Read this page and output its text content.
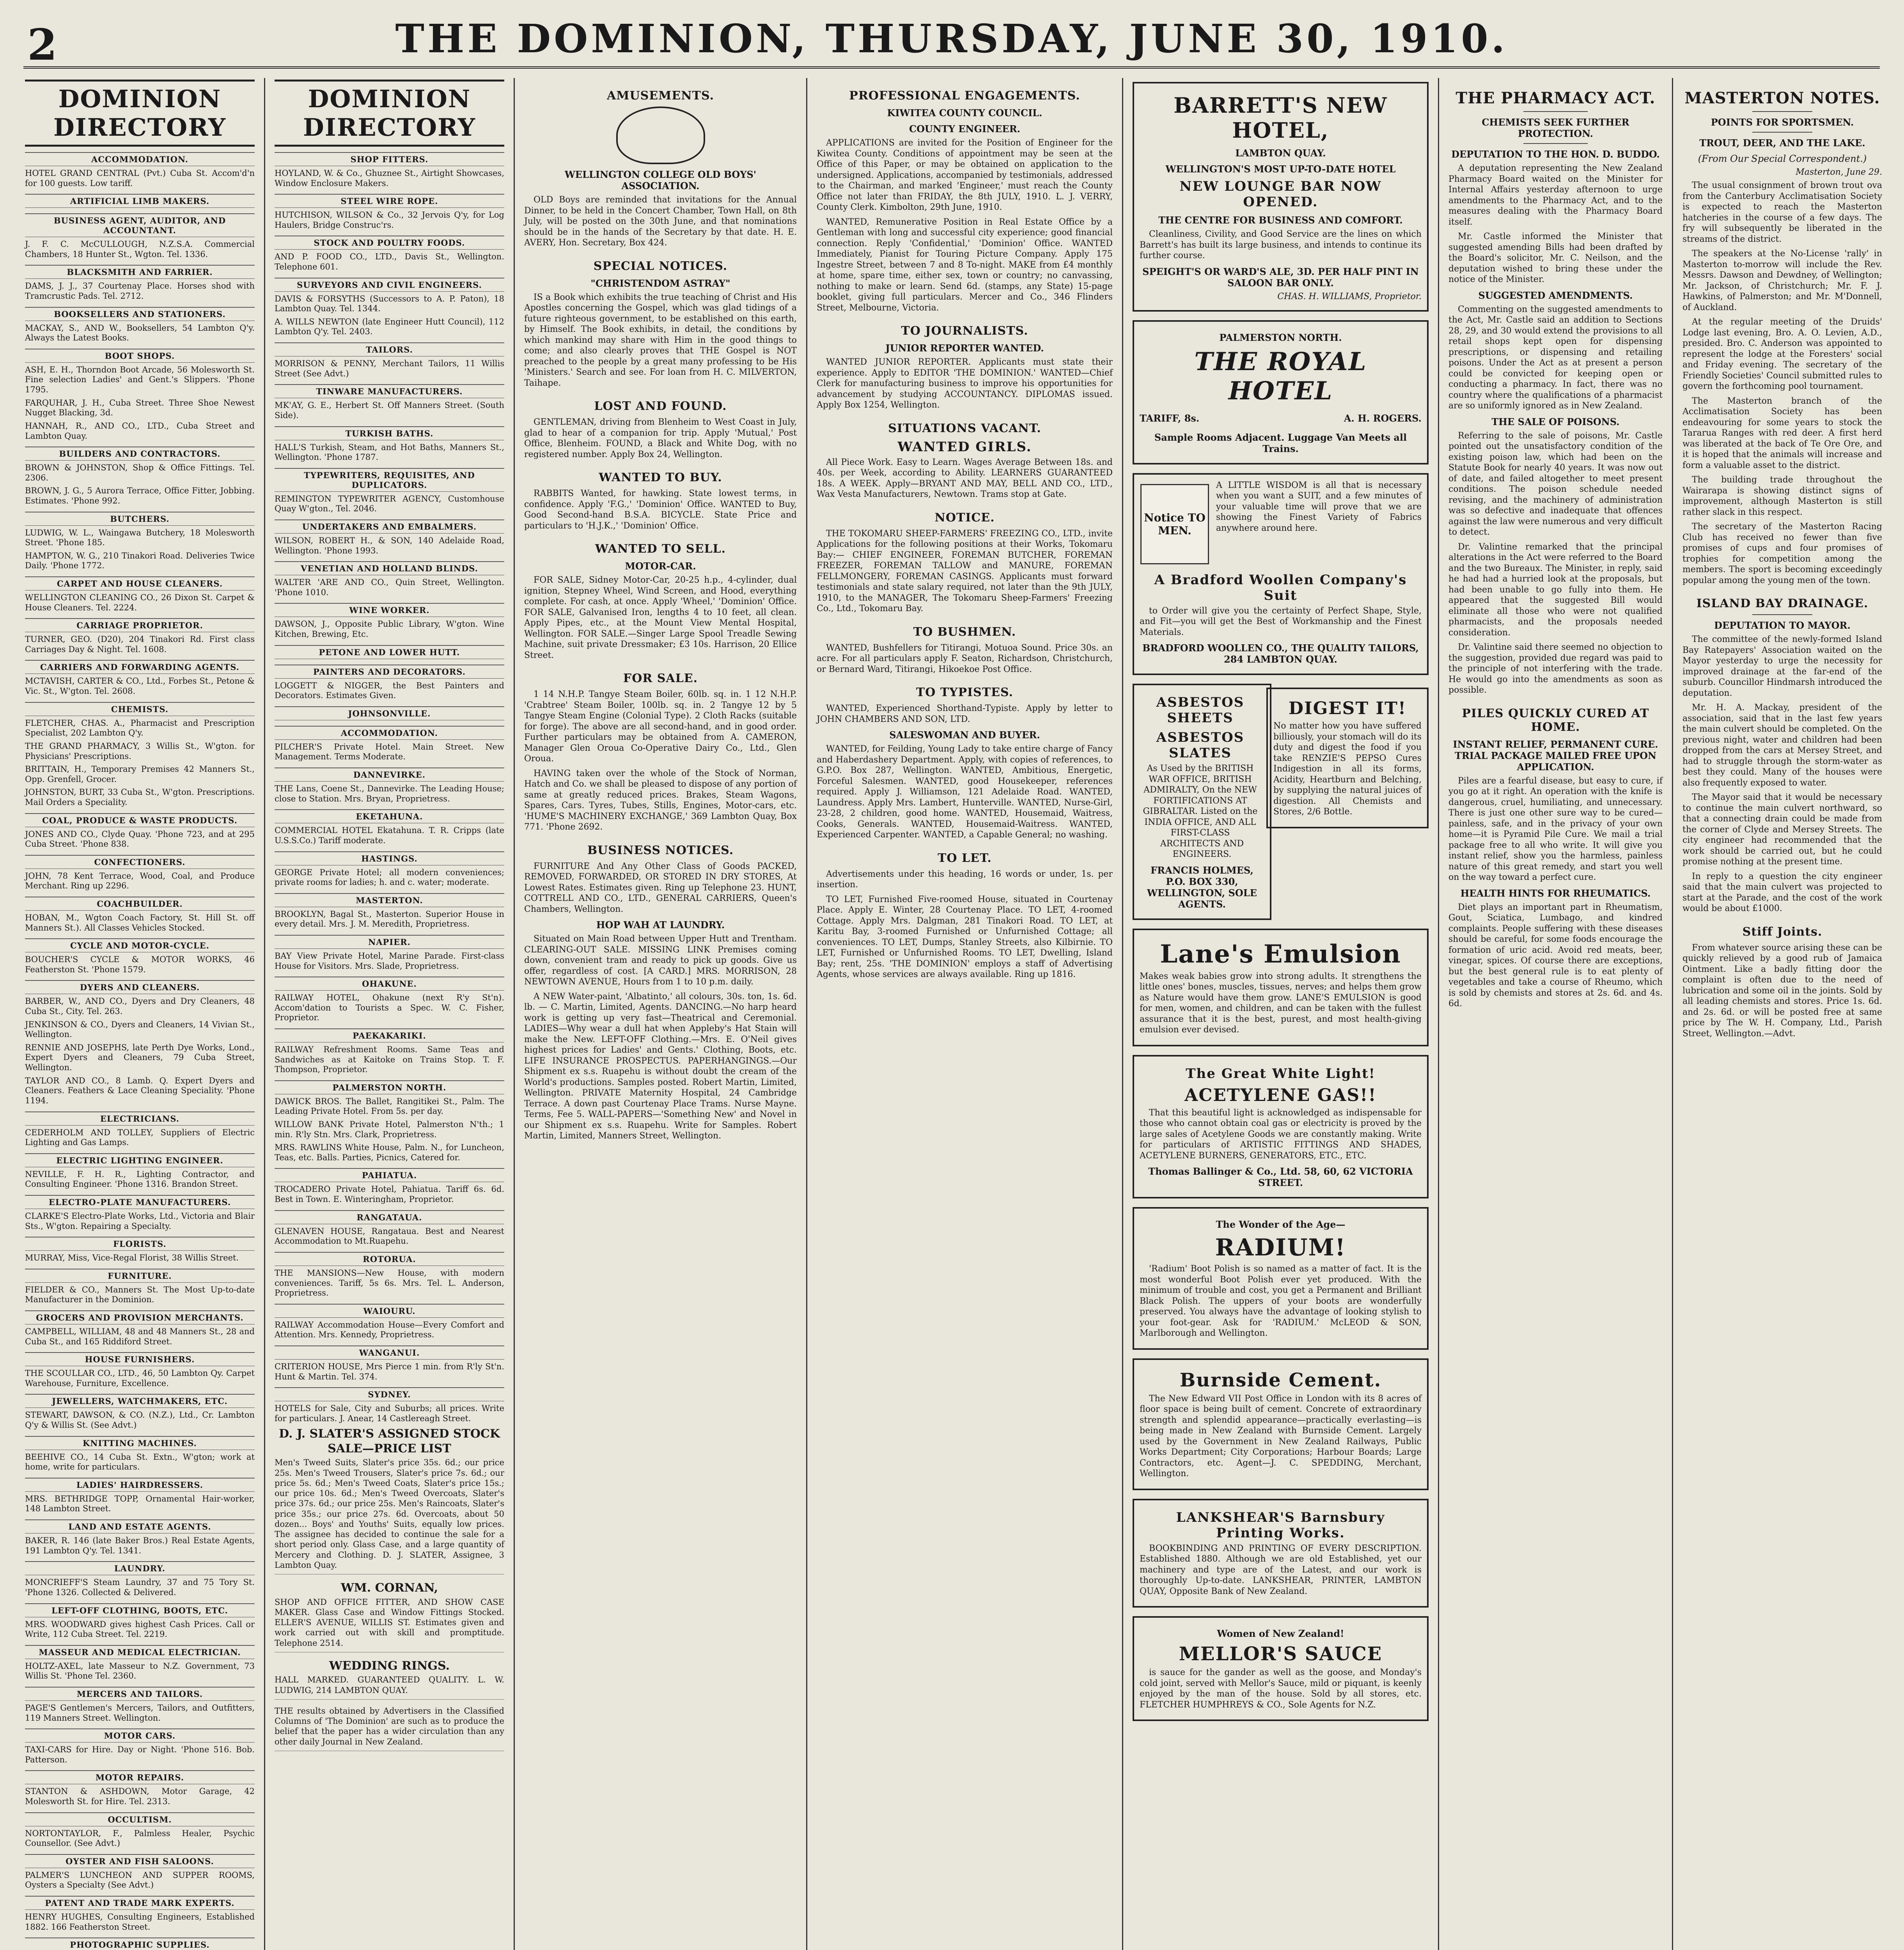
2	THE DOMINION, THURSDAY, JUNE 30, 1910.
DOMINION DIRECTORY
ACCOMMODATION.

HOTEL GRAND CENTRAL (Pvt.) Cuba St. Accom'd'n for 100 guests. Low tariff.

ARTIFICIAL LIMB MAKERS.
BUSINESS AGENT, AUDITOR, AND ACCOUNTANT.

J. F. C. McCULLOUGH, N.Z.S.A. Commercial Chambers, 18 Hunter St., Wgton. Tel. 1336.

BLACKSMITH AND FARRIER.

DAMS, J. J., 37 Courtenay Place. Horses shod with Tramcrustic Pads. Tel. 2712.

BOOKSELLERS AND STATIONERS.

MACKAY, S., AND W., Booksellers, 54 Lambton Q'y. Always the Latest Books.

BOOT SHOPS.

ASH, E. H., Thorndon Boot Arcade, 56 Molesworth St. Fine selection Ladies' and Gent.'s Slippers. 'Phone 1795.

FARQUHAR, J. H., Cuba Street. Three Shoe Newest Nugget Blacking, 3d.

HANNAH, R., AND CO., LTD., Cuba Street and Lambton Quay.

BUILDERS AND CONTRACTORS.

BROWN & JOHNSTON, Shop & Office Fittings. Tel. 2306.

BROWN, J. G., 5 Aurora Terrace, Office Fitter, Jobbing. Estimates. 'Phone 992.

BUTCHERS.

LUDWIG, W. L., Waingawa Butchery, 18 Molesworth Street. 'Phone 185.

HAMPTON, W. G., 210 Tinakori Road. Deliveries Twice Daily. 'Phone 1772.

CARPET AND HOUSE CLEANERS.

WELLINGTON CLEANING CO., 26 Dixon St. Carpet & House Cleaners. Tel. 2224.

CARRIAGE PROPRIETOR.

TURNER, GEO. (D20), 204 Tinakori Rd. First class Carriages Day & Night. Tel. 1608.

CARRIERS AND FORWARDING AGENTS.

MCTAVISH, CARTER & CO., Ltd., Forbes St., Petone & Vic. St., W'gton. Tel. 2608.

CHEMISTS.

FLETCHER, CHAS. A., Pharmacist and Prescription Specialist, 202 Lambton Q'y.

THE GRAND PHARMACY, 3 Willis St., W'gton. for Physicians' Prescriptions.

BRITTAIN, H., Temporary Premises 42 Manners St., Opp. Grenfell, Grocer.

JOHNSTON, BURT, 33 Cuba St., W'gton. Prescriptions. Mail Orders a Speciality.

COAL, PRODUCE & WASTE PRODUCTS.

JONES AND CO., Clyde Quay. 'Phone 723, and at 295 Cuba Street. 'Phone 838.

CONFECTIONERS.

JOHN, 78 Kent Terrace, Wood, Coal, and Produce Merchant. Ring up 2296.

COACHBUILDER.

HOBAN, M., Wgton Coach Factory, St. Hill St. off Manners St.). All Classes Vehicles Stocked.

CYCLE AND MOTOR-CYCLE.

BOUCHER'S CYCLE & MOTOR WORKS, 46 Featherston St. 'Phone 1579.

DYERS AND CLEANERS.

BARBER, W., AND CO., Dyers and Dry Cleaners, 48 Cuba St., City. Tel. 263.

JENKINSON & CO., Dyers and Cleaners, 14 Vivian St., Wellington.

RENNIE AND JOSEPHS, late Perth Dye Works, Lond., Expert Dyers and Cleaners, 79 Cuba Street, Wellington.

TAYLOR AND CO., 8 Lamb. Q. Expert Dyers and Cleaners. Feathers & Lace Cleaning Speciality. 'Phone 1194.

ELECTRICIANS.

CEDERHOLM AND TOLLEY, Suppliers of Electric Lighting and Gas Lamps.

ELECTRIC LIGHTING ENGINEER.

NEVILLE, F. H. R., Lighting Contractor, and Consulting Engineer. 'Phone 1316. Brandon Street.

ELECTRO-PLATE MANUFACTURERS.

CLARKE'S Electro-Plate Works, Ltd., Victoria and Blair Sts., W'gton. Repairing a Specialty.

FLORISTS.

MURRAY, Miss, Vice-Regal Florist, 38 Willis Street.

FURNITURE.

FIELDER & CO., Manners St. The Most Up-to-date Manufacturer in the Dominion.

GROCERS AND PROVISION MERCHANTS.

CAMPBELL, WILLIAM, 48 and 48 Manners St., 28 and Cuba St., and 165 Riddiford Street.

HOUSE FURNISHERS.

THE SCOULLAR CO., LTD., 46, 50 Lambton Qy. Carpet Warehouse, Furniture, Excellence.

JEWELLERS, WATCHMAKERS, ETC.

STEWART, DAWSON, & CO. (N.Z.), Ltd., Cr. Lambton Q'y & Willis St. (See Advt.)

KNITTING MACHINES.

BEEHIVE CO., 14 Cuba St. Extn., W'gton; work at home, write for particulars.

LADIES' HAIRDRESSERS.

MRS. BETHRIDGE TOPP, Ornamental Hair-worker, 148 Lambton Street.

LAND AND ESTATE AGENTS.

BAKER, R. 146 (late Baker Bros.) Real Estate Agents, 191 Lambton Q'y. Tel. 1341.

LAUNDRY.

MONCRIEFF'S Steam Laundry, 37 and 75 Tory St. 'Phone 1326. Collected & Delivered.

LEFT-OFF CLOTHING, BOOTS, ETC.

MRS. WOODWARD gives highest Cash Prices. Call or Write, 112 Cuba Street. Tel. 2219.

MASSEUR AND MEDICAL ELECTRICIAN.

HOLTZ-AXEL, late Masseur to N.Z. Government, 73 Willis St. 'Phone Tel. 2360.

MERCERS AND TAILORS.

PAGE'S Gentlemen's Mercers, Tailors, and Outfitters, 119 Manners Street. Wellington.

MOTOR CARS.

TAXI-CARS for Hire. Day or Night. 'Phone 516. Bob. Patterson.

MOTOR REPAIRS.

STANTON & ASHDOWN, Motor Garage, 42 Molesworth St. for Hire. Tel. 2313.

OCCULTISM.

NORTONTAYLOR, F., Palmless Healer, Psychic Counsellor. (See Advt.)

OYSTER AND FISH SALOONS.

PALMER'S LUNCHEON AND SUPPER ROOMS, Oysters a Specialty (See Advt.)

PATENT AND TRADE MARK EXPERTS.

HENRY HUGHES, Consulting Engineers, Established 1882. 166 Featherston Street.

PHOTOGRAPHIC SUPPLIES.

DOMINION DIRECTORY
SHOP FITTERS.

HOYLAND, W. & Co., Ghuznee St., Airtight Showcases, Window Enclosure Makers.

STEEL WIRE ROPE.

HUTCHISON, WILSON & Co., 32 Jervois Q'y, for Log Haulers, Bridge Construc'rs.

STOCK AND POULTRY FOODS.

AND P. FOOD CO., LTD., Davis St., Wellington. Telephone 601.

SURVEYORS AND CIVIL ENGINEERS.

DAVIS & FORSYTHS (Successors to A. P. Paton), 18 Lambton Quay. Tel. 1344.

A. WILLS NEWTON (late Engineer Hutt Council), 112 Lambton Q'y. Tel. 2403.

TAILORS.

MORRISON & PENNY, Merchant Tailors, 11 Willis Street (See Advt.)

TINWARE MANUFACTURERS.

MK'AY, G. E., Herbert St. Off Manners Street. (South Side).

TURKISH BATHS.

HALL'S Turkish, Steam, and Hot Baths, Manners St., Wellington. 'Phone 1787.

TYPEWRITERS, REQUISITES, AND DUPLICATORS.

REMINGTON TYPEWRITER AGENCY, Customhouse Quay W'gton., Tel. 2046.

UNDERTAKERS AND EMBALMERS.

WILSON, ROBERT H., & SON, 140 Adelaide Road, Wellington. 'Phone 1993.

VENETIAN AND HOLLAND BLINDS.

WALTER 'ARE AND CO., Quin Street, Wellington. 'Phone 1010.

WINE WORKER.

DAWSON, J., Opposite Public Library, W'gton. Wine Kitchen, Brewing, Etc.

PETONE AND LOWER HUTT.
PAINTERS AND DECORATORS.

LOGGETT & NIGGER, the Best Painters and Decorators. Estimates Given.

JOHNSONVILLE.
ACCOMMODATION.

PILCHER'S Private Hotel. Main Street. New Management. Terms Moderate.

DANNEVIRKE.

THE Lans, Coene St., Dannevirke. The Leading House; close to Station. Mrs. Bryan, Proprietress.

EKETAHUNA.

COMMERCIAL HOTEL Ekatahuna. T. R. Cripps (late U.S.S.Co.) Tariff moderate.

HASTINGS.

GEORGE Private Hotel; all modern conveniences; private rooms for ladies; h. and c. water; moderate.

MASTERTON.

BROOKLYN, Bagal St., Masterton. Superior House in every detail. Mrs. J. M. Meredith, Proprietress.

NAPIER.

BAY View Private Hotel, Marine Parade. First-class House for Visitors. Mrs. Slade, Proprietress.

OHAKUNE.

RAILWAY HOTEL, Ohakune (next R'y St'n). Accom'dation to Tourists a Spec. W. C. Fisher, Proprietor.

PAEKAKARIKI.

RAILWAY Refreshment Rooms. Same Teas and Sandwiches as at Kaitoke on Trains Stop. T. F. Thompson, Proprietor.

PALMERSTON NORTH.

DAWICK BROS. The Ballet, Rangitikei St., Palm. The Leading Private Hotel. From 5s. per day.

WILLOW BANK Private Hotel, Palmerston N'th.; 1 min. R'ly Stn. Mrs. Clark, Proprietress.

MRS. RAWLINS White House, Palm. N., for Luncheon, Teas, etc. Balls. Parties, Picnics, Catered for.

PAHIATUA.

TROCADERO Private Hotel, Pahiatua. Tariff 6s. 6d. Best in Town. E. Winteringham, Proprietor.

RANGATAUA.

GLENAVEN HOUSE, Rangataua. Best and Nearest Accommodation to Mt.Ruapehu.

ROTORUA.

THE MANSIONS—New House, with modern conveniences. Tariff, 5s 6s. Mrs. Tel. L. Anderson, Proprietress.

WAIOURU.

RAILWAY Accommodation House—Every Comfort and Attention. Mrs. Kennedy, Proprietress.

WANGANUI.

CRITERION HOUSE, Mrs Pierce 1 min. from R'ly St'n. Hunt & Martin. Tel. 374.

SYDNEY.

HOTELS for Sale, City and Suburbs; all prices. Write for particulars. J. Anear, 14 Castlereagh Street.

D. J. SLATER'S ASSIGNED STOCK SALE—PRICE LIST
Men's Tweed Suits, Slater's price 35s. 6d.; our price 25s. Men's Tweed Trousers, Slater's price 7s. 6d.; our price 5s. 6d.; Men's Tweed Coats, Slater's price 15s.; our price 10s. 6d.; Men's Tweed Overcoats, Slater's price 37s. 6d.; our price 25s. Men's Raincoats, Slater's price 35s.; our price 27s. 6d. Overcoats, about 50 dozen... Boys' and Youths' Suits, equally low prices. The assignee has decided to continue the sale for a short period only. Glass Case, and a large quantity of Mercery and Clothing. D. J. SLATER, Assignee, 3 Lambton Quay.
WM. CORNAN,
SHOP AND OFFICE FITTER, AND SHOW CASE MAKER. Glass Case and Window Fittings Stocked. ELLER'S AVENUE, WILLIS ST. Estimates given and work carried out with skill and promptitude. Telephone 2514.
WEDDING RINGS.
HALL MARKED. GUARANTEED QUALITY. L. W. LUDWIG, 214 LAMBTON QUAY.
THE results obtained by Advertisers in the Classified Columns of 'The Dominion' are such as to produce the belief that the paper has a wider circulation than any other daily Journal in New Zealand.
AMUSEMENTS.
WELLINGTON COLLEGE OLD BOYS' ASSOCIATION.

OLD Boys are reminded that invitations for the Annual Dinner, to be held in the Concert Chamber, Town Hall, on 8th July, will be posted on the 30th June, and that nominations should be in the hands of the Secretary by that date. H. E. AVERY, Hon. Secretary, Box 424.

SPECIAL NOTICES.
"CHRISTENDOM ASTRAY"

IS a Book which exhibits the true teaching of Christ and His Apostles concerning the Gospel, which was glad tidings of a future righteous government, to be established on this earth, by Himself. The Book exhibits, in detail, the conditions by which mankind may share with Him in the good things to come; and also clearly proves that THE Gospel is NOT preached to the people by a great many professing to be His 'Ministers.' Search and see. For loan from H. C. MILVERTON, Taihape.

LOST AND FOUND.

GENTLEMAN, driving from Blenheim to West Coast in July, glad to hear of a companion for trip. Apply 'Mutual,' Post Office, Blenheim. FOUND, a Black and White Dog, with no registered number. Apply Box 24, Wellington.

WANTED TO BUY.

RABBITS Wanted, for hawking. State lowest terms, in confidence. Apply 'F.G.,' 'Dominion' Office. WANTED to Buy, Good Second-hand B.S.A. BICYCLE. State Price and particulars to 'H.J.K.,' 'Dominion' Office.

WANTED TO SELL.
MOTOR-CAR.

FOR SALE, Sidney Motor-Car, 20-25 h.p., 4-cylinder, dual ignition, Stepney Wheel, Wind Screen, and Hood, everything complete. For cash, at once. Apply 'Wheel,' 'Dominion' Office. FOR SALE, Galvanised Iron, lengths 4 to 10 feet, all clean. Apply Pipes, etc., at the Mount View Mental Hospital, Wellington. FOR SALE.—Singer Large Spool Treadle Sewing Machine, suit private Dressmaker; £3 10s. Harrison, 20 Ellice Street.

FOR SALE.

1 14 N.H.P. Tangye Steam Boiler, 60lb. sq. in. 1 12 N.H.P. 'Crabtree' Steam Boiler, 100lb. sq. in. 2 Tangye 12 by 5 Tangye Steam Engine (Colonial Type). 2 Cloth Racks (suitable for forge). The above are all second-hand, and in good order. Further particulars may be obtained from A. CAMERON, Manager Glen Oroua Co-Operative Dairy Co., Ltd., Glen Oroua.

HAVING taken over the whole of the Stock of Norman, Hatch and Co. we shall be pleased to dispose of any portion of same at greatly reduced prices. Brakes, Steam Wagons, Spares, Cars. Tyres, Tubes, Stills, Engines, Motor-cars, etc. 'HUME'S MACHINERY EXCHANGE,' 369 Lambton Quay, Box 771. 'Phone 2692.

BUSINESS NOTICES.

FURNITURE And Any Other Class of Goods PACKED, REMOVED, FORWARDED, OR STORED IN DRY STORES, At Lowest Rates. Estimates given. Ring up Telephone 23. HUNT, COTTRELL AND CO., LTD., GENERAL CARRIERS, Queen's Chambers, Wellington.

HOP WAH AT LAUNDRY.

Situated on Main Road between Upper Hutt and Trentham. CLEARING-OUT SALE. MISSING LINK Premises coming down, convenient tram and ready to pick up goods. Give us offer, regardless of cost. [A CARD.] MRS. MORRISON, 28 NEWTOWN AVENUE, Hours from 1 to 10 p.m. daily.

A NEW Water-paint, 'Albatinto,' all colours, 30s. ton, 1s. 6d. lb. — C. Martin, Limited, Agents. DANCING.—No harp heard work is getting up very fast—Theatrical and Ceremonial. LADIES—Why wear a dull hat when Appleby's Hat Stain will make the New. LEFT-OFF Clothing.—Mrs. E. O'Neil gives highest prices for Ladies' and Gents.' Clothing, Boots, etc. LIFE INSURANCE PROSPECTUS. PAPERHANGINGS.—Our Shipment ex s.s. Ruapehu is without doubt the cream of the World's productions. Samples posted. Robert Martin, Limited, Wellington. PRIVATE Maternity Hospital, 24 Cambridge Terrace. A down past Courtenay Place Trams. Nurse Mayne. Terms, Fee 5. WALL-PAPERS—'Something New' and Novel in our Shipment ex s.s. Ruapehu. Write for Samples. Robert Martin, Limited, Manners Street, Wellington.

PROFESSIONAL ENGAGEMENTS.
KIWITEA COUNTY COUNCIL.
COUNTY ENGINEER.

APPLICATIONS are invited for the Position of Engineer for the Kiwitea County. Conditions of appointment may be seen at the Office of this Paper, or may be obtained on application to the undersigned. Applications, accompanied by testimonials, addressed to the Chairman, and marked 'Engineer,' must reach the County Office not later than FRIDAY, the 8th JULY, 1910. L. J. VERRY, County Clerk. Kimbolton, 29th June, 1910.

WANTED, Remunerative Position in Real Estate Office by a Gentleman with long and successful city experience; good financial connection. Reply 'Confidential,' 'Dominion' Office. WANTED Immediately, Pianist for Touring Picture Company. Apply 175 Ingestre Street, between 7 and 8 To-night. MAKE from £4 monthly at home, spare time, either sex, town or country; no canvassing, nothing to make or learn. Send 6d. (stamps, any State) 15-page booklet, giving full particulars. Mercer and Co., 346 Flinders Street, Melbourne, Victoria.

TO JOURNALISTS.
JUNIOR REPORTER WANTED.

WANTED JUNIOR REPORTER. Applicants must state their experience. Apply to EDITOR 'THE DOMINION.' WANTED—Chief Clerk for manufacturing business to improve his opportunities for advancement by studying ACCOUNTANCY. DIPLOMAS issued. Apply Box 1254, Wellington.

SITUATIONS VACANT.
WANTED GIRLS.

All Piece Work. Easy to Learn. Wages Average Between 18s. and 40s. per Week, according to Ability. LEARNERS GUARANTEED 18s. A WEEK. Apply—BRYANT AND MAY, BELL AND CO., LTD., Wax Vesta Manufacturers, Newtown. Trams stop at Gate.

NOTICE.

THE TOKOMARU SHEEP-FARMERS' FREEZING CO., LTD., invite Applications for the following positions at their Works, Tokomaru Bay:— CHIEF ENGINEER, FOREMAN BUTCHER, FOREMAN FREEZER, FOREMAN TALLOW and MANURE, FOREMAN FELLMONGERY, FOREMAN CASINGS. Applicants must forward testimonials and state salary required, not later than the 9th JULY, 1910, to the MANAGER, The Tokomaru Sheep-Farmers' Freezing Co., Ltd., Tokomaru Bay.

TO BUSHMEN.

WANTED, Bushfellers for Titirangi, Motuoa Sound. Price 30s. an acre. For all particulars apply F. Seaton, Richardson, Christchurch, or Bernard Ward, Titirangi, Hikoekoe Post Office.

TO TYPISTES.

WANTED, Experienced Shorthand-Typiste. Apply by letter to JOHN CHAMBERS AND SON, LTD.

SALESWOMAN AND BUYER.

WANTED, for Feilding, Young Lady to take entire charge of Fancy and Haberdashery Department. Apply, with copies of references, to G.P.O. Box 287, Wellington. WANTED, Ambitious, Energetic, Forceful Salesmen. WANTED, good Housekeeper, references required. Apply J. Williamson, 121 Adelaide Road. WANTED, Laundress. Apply Mrs. Lambert, Hunterville. WANTED, Nurse-Girl, 23-28, 2 children, good home. WANTED, Housemaid, Waitress, Cooks, Generals. WANTED, Housemaid-Waitress. WANTED, Experienced Carpenter. WANTED, a Capable General; no washing.

TO LET.

Advertisements under this heading, 16 words or under, 1s. per insertion.

TO LET, Furnished Five-roomed House, situated in Courtenay Place. Apply E. Winter, 28 Courtenay Place. TO LET, 4-roomed Cottage. Apply Mrs. Dalgman, 281 Tinakori Road. TO LET, at Karitu Bay, 3-roomed Furnished or Unfurnished Cottage; all conveniences. TO LET, Dumps, Stanley Streets, also Kilbirnie. TO LET, Furnished or Unfurnished Rooms. TO LET, Dwelling, Island Bay; rent, 25s. 'THE DOMINION' employs a staff of Advertising Agents, whose services are always available. Ring up 1816.

BARRETT'S NEW HOTEL,
LAMBTON QUAY.
WELLINGTON'S MOST UP-TO-DATE HOTEL
NEW LOUNGE BAR NOW OPENED.
THE CENTRE FOR BUSINESS AND COMFORT.

Cleanliness, Civility, and Good Service are the lines on which Barrett's has built its large business, and intends to continue its further course.

SPEIGHT'S OR WARD'S ALE, 3D. PER HALF PINT IN SALOON BAR ONLY.
CHAS. H. WILLIAMS, Proprietor.
PALMERSTON NORTH.
THE ROYAL HOTEL
TARIFF, 8s.	A. H. ROGERS.
Sample Rooms Adjacent. Luggage Van Meets all Trains.
Notice TO MEN.

A LITTLE WISDOM is all that is necessary when you want a SUIT, and a few minutes of your valuable time will prove that we are showing the Finest Variety of Fabrics anywhere around here.

A Bradford Woollen Company's Suit

to Order will give you the certainty of Perfect Shape, Style, and Fit—you will get the Best of Workmanship and the Finest Materials.

BRADFORD WOOLLEN CO., THE QUALITY TAILORS, 284 LAMBTON QUAY.
DIGEST IT!

No matter how you have suffered billiously, your stomach will do its duty and digest the food if you take RENZIE'S PEPSO Cures Indigestion in all its forms, Acidity, Heartburn and Belching, by supplying the natural juices of digestion. All Chemists and Stores, 2/6 Bottle.

ASBESTOS SHEETS
ASBESTOS SLATES

As Used by the BRITISH WAR OFFICE, BRITISH ADMIRALTY, On the NEW FORTIFICATIONS AT GIBRALTAR. Listed on the INDIA OFFICE, AND ALL FIRST-CLASS ARCHITECTS AND ENGINEERS.

FRANCIS HOLMES, P.O. BOX 330, WELLINGTON, SOLE AGENTS.
Lane's Emulsion

Makes weak babies grow into strong adults. It strengthens the little ones' bones, muscles, tissues, nerves; and helps them grow as Nature would have them grow. LANE'S EMULSION is good for men, women, and children, and can be taken with the fullest assurance that it is the best, purest, and most health-giving emulsion ever devised.

The Great White Light!
ACETYLENE GAS!!

That this beautiful light is acknowledged as indispensable for those who cannot obtain coal gas or electricity is proved by the large sales of Acetylene Goods we are constantly making. Write for particulars of ARTISTIC FITTINGS AND SHADES, ACETYLENE BURNERS, GENERATORS, ETC., ETC.

Thomas Ballinger & Co., Ltd. 58, 60, 62 VICTORIA STREET.
The Wonder of the Age—
RADIUM!

'Radium' Boot Polish is so named as a matter of fact. It is the most wonderful Boot Polish ever yet produced. With the minimum of trouble and cost, you get a Permanent and Brilliant Black Polish. The uppers of your boots are wonderfully preserved. You always have the advantage of looking stylish to your foot-gear. Ask for 'RADIUM.' McLEOD & SON, Marlborough and Wellington.

Burnside Cement.

The New Edward VII Post Office in London with its 8 acres of floor space is being built of cement. Concrete of extraordinary strength and splendid appearance—practically everlasting—is being made in New Zealand with Burnside Cement. Largely used by the Government in New Zealand Railways, Public Works Department; City Corporations; Harbour Boards; Large Contractors, etc. Agent—J. C. SPEDDING, Merchant, Wellington.

LANKSHEAR'S Barnsbury Printing Works.

BOOKBINDING AND PRINTING OF EVERY DESCRIPTION. Established 1880. Although we are old Established, yet our machinery and type are of the Latest, and our work is thoroughly Up-to-date. LANKSHEAR, PRINTER, LAMBTON QUAY, Opposite Bank of New Zealand.

Women of New Zealand!
MELLOR'S SAUCE

is sauce for the gander as well as the goose, and Monday's cold joint, served with Mellor's Sauce, mild or piquant, is keenly enjoyed by the man of the house. Sold by all stores, etc. FLETCHER HUMPHREYS & CO., Sole Agents for N.Z.

THE PHARMACY ACT.
CHEMISTS SEEK FURTHER PROTECTION.
DEPUTATION TO THE HON. D. BUDDO.

A deputation representing the New Zealand Pharmacy Board waited on the Minister for Internal Affairs yesterday afternoon to urge amendments to the Pharmacy Act, and to the measures dealing with the Pharmacy Board itself.

Mr. Castle informed the Minister that suggested amending Bills had been drafted by the Board's solicitor, Mr. C. Neilson, and the deputation wished to bring these under the notice of the Minister.

SUGGESTED AMENDMENTS.

Commenting on the suggested amendments to the Act, Mr. Castle said an addition to Sections 28, 29, and 30 would extend the provisions to all retail shops kept open for dispensing prescriptions, or dispensing and retailing poisons. Under the Act as at present a person could be convicted for keeping open or conducting a pharmacy. In fact, there was no country where the qualifications of a pharmacist are so uniformly ignored as in New Zealand.

THE SALE OF POISONS.

Referring to the sale of poisons, Mr. Castle pointed out the unsatisfactory condition of the existing poison law, which had been on the Statute Book for nearly 40 years. It was now out of date, and failed altogether to meet present conditions. The poison schedule needed revising, and the machinery of administration was so defective and inadequate that offences against the law were numerous and very difficult to detect.

Dr. Valintine remarked that the principal alterations in the Act were referred to the Board and the two Bureaux. The Minister, in reply, said he had had a hurried look at the proposals, but had been unable to go fully into them. He appeared that the suggested Bill would eliminate all those who were not qualified pharmacists, and the proposals needed consideration.

Dr. Valintine said there seemed no objection to the suggestion, provided due regard was paid to the principle of not interfering with the trade. He would go into the amendments as soon as possible.

PILES QUICKLY CURED AT HOME.
INSTANT RELIEF, PERMANENT CURE. TRIAL PACKAGE MAILED FREE UPON APPLICATION.

Piles are a fearful disease, but easy to cure, if you go at it right. An operation with the knife is dangerous, cruel, humiliating, and unnecessary. There is just one other sure way to be cured—painless, safe, and in the privacy of your own home—it is Pyramid Pile Cure. We mail a trial package free to all who write. It will give you instant relief, show you the harmless, painless nature of this great remedy, and start you well on the way toward a perfect cure.

HEALTH HINTS FOR RHEUMATICS.

Diet plays an important part in Rheumatism, Gout, Sciatica, Lumbago, and kindred complaints. People suffering with these diseases should be careful, for some foods encourage the formation of uric acid. Avoid red meats, beer, vinegar, spices. Of course there are exceptions, but the best general rule is to eat plenty of vegetables and take a course of Rheumo, which is sold by chemists and stores at 2s. 6d. and 4s. 6d.

MASTERTON NOTES.
POINTS FOR SPORTSMEN.
TROUT, DEER, AND THE LAKE.
(From Our Special Correspondent.)
Masterton, June 29.

The usual consignment of brown trout ova from the Canterbury Acclimatisation Society is expected to reach the Masterton hatcheries in the course of a few days. The fry will subsequently be liberated in the streams of the district.

The speakers at the No-License 'rally' in Masterton to-morrow will include the Rev. Messrs. Dawson and Dewdney, of Wellington; Mr. Jackson, of Christchurch; Mr. F. J. Hawkins, of Palmerston; and Mr. M'Donnell, of Auckland.

At the regular meeting of the Druids' Lodge last evening, Bro. A. O. Levien, A.D., presided. Bro. C. Anderson was appointed to represent the lodge at the Foresters' social and Friday evening. The secretary of the Friendly Societies' Council submitted rules to govern the forthcoming pool tournament.

The Masterton branch of the Acclimatisation Society has been endeavouring for some years to stock the Tararua Ranges with red deer. A first herd was liberated at the back of Te Ore Ore, and it is hoped that the animals will increase and form a valuable asset to the district.

The building trade throughout the Wairarapa is showing distinct signs of improvement, although Masterton is still rather slack in this respect.

The secretary of the Masterton Racing Club has received no fewer than five promises of cups and four promises of trophies for competition among the members. The sport is becoming exceedingly popular among the young men of the town.

ISLAND BAY DRAINAGE.
DEPUTATION TO MAYOR.

The committee of the newly-formed Island Bay Ratepayers' Association waited on the Mayor yesterday to urge the necessity for improved drainage at the far-end of the suburb. Councillor Hindmarsh introduced the deputation.

Mr. H. A. Mackay, president of the association, said that in the last few years the main culvert should be completed. On the previous night, water and children had been dropped from the cars at Mersey Street, and had to struggle through the storm-water as best they could. Many of the houses were also frequently exposed to water.

The Mayor said that it would be necessary to continue the main culvert northward, so that a connecting drain could be made from the corner of Clyde and Mersey Streets. The city engineer had recommended that the work should be carried out, but he could promise nothing at the present time.

In reply to a question the city engineer said that the main culvert was projected to start at the Parade, and the cost of the work would be about £1000.

Stiff Joints.

From whatever source arising these can be quickly relieved by a good rub of Jamaica Ointment. Like a badly fitting door the complaint is often due to the need of lubrication and some oil in the joints. Sold by all leading chemists and stores. Price 1s. 6d. and 2s. 6d. or will be posted free at same price by The W. H. Company, Ltd., Parish Street, Wellington.—Advt.
